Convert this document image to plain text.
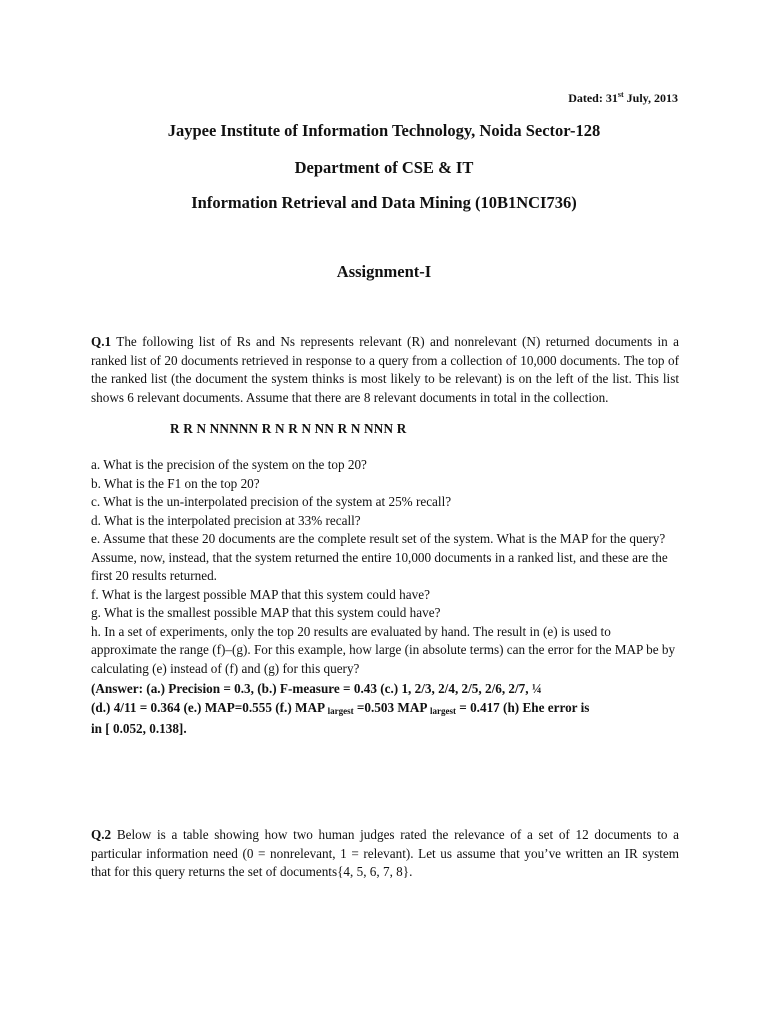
Dated: 31st July, 2013
Jaypee Institute of Information Technology, Noida Sector-128
Department of CSE & IT
Information Retrieval and Data Mining (10B1NCI736)
Assignment-I
Q.1 The following list of Rs and Ns represents relevant (R) and nonrelevant (N) returned documents in a ranked list of 20 documents retrieved in response to a query from a collection of 10,000 documents. The top of the ranked list (the document the system thinks is most likely to be relevant) is on the left of the list. This list shows 6 relevant documents. Assume that there are 8 relevant documents in total in the collection.
R R N NNNNN R N R N NN R N NNN R
a. What is the precision of the system on the top 20?
b. What is the F1 on the top 20?
c. What is the un-interpolated precision of the system at 25% recall?
d. What is the interpolated precision at 33% recall?
e. Assume that these 20 documents are the complete result set of the system. What is the MAP for the query? Assume, now, instead, that the system returned the entire 10,000 documents in a ranked list, and these are the first 20 results returned.
f. What is the largest possible MAP that this system could have?
g. What is the smallest possible MAP that this system could have?
h. In a set of experiments, only the top 20 results are evaluated by hand. The result in (e) is used to approximate the range (f)–(g). For this example, how large (in absolute terms) can the error for the MAP be by calculating (e) instead of (f) and (g) for this query?
(Answer: (a.) Precision = 0.3, (b.) F-measure = 0.43 (c.) 1, 2/3, 2/4, 2/5, 2/6, 2/7, ¼
(d.) 4/11 = 0.364 (e.) MAP=0.555 (f.) MAP $_{largest}$ =0.503 MAP $_{largest}$ = 0.417 (h) Ehe error is
in [ 0.052, 0.138].
Q.2 Below is a table showing how two human judges rated the relevance of a set of 12 documents to a particular information need (0 = nonrelevant, 1 = relevant). Let us assume that you’ve written an IR system that for this query returns the set of documents{4, 5, 6, 7, 8}.
